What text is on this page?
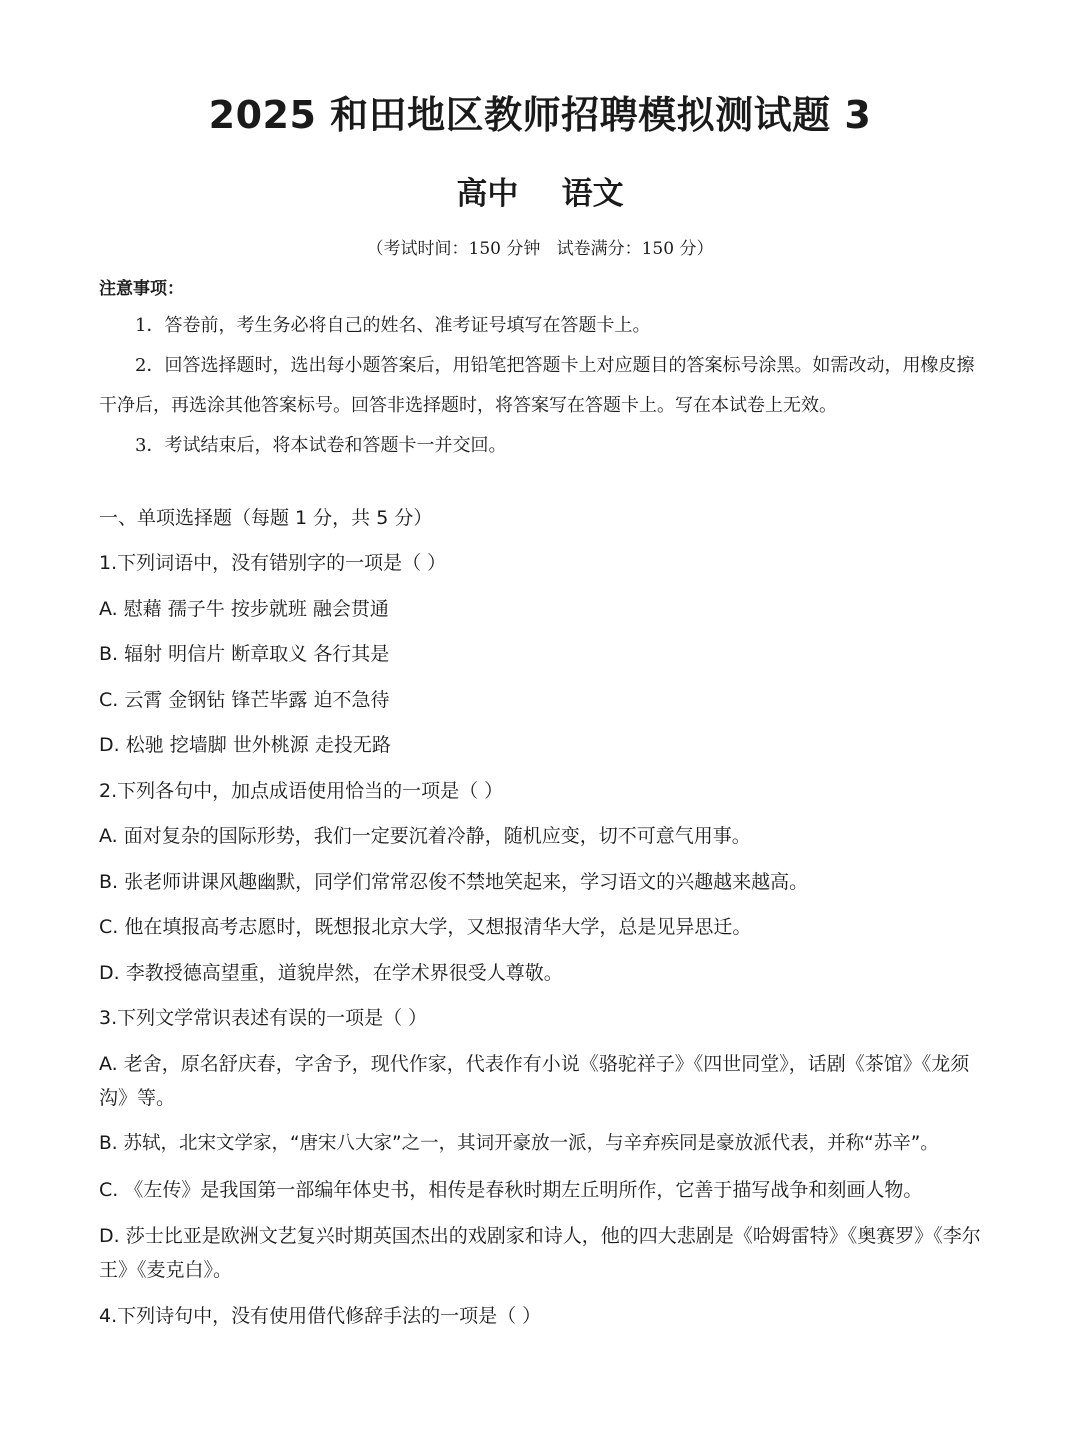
2025 和田地区教师招聘模拟测试题 3
高中    语文
（考试时间：150 分钟   试卷满分：150 分）
注意事项：

1．答卷前，考生务必将自己的姓名、准考证号填写在答题卡上。

2．回答选择题时，选出每小题答案后，用铅笔把答题卡上对应题目的答案标号涂黑。如需改动，用橡皮擦干净后，再选涂其他答案标号。回答非选择题时，将答案写在答题卡上。写在本试卷上无效。

3．考试结束后，将本试卷和答题卡一并交回。

一、单项选择题（每题 1 分，共 5 分）

1.下列词语中，没有错别字的一项是（ ）

A. 慰藉 孺子牛 按步就班 融会贯通

B. 辐射 明信片 断章取义 各行其是

C. 云霄 金钢钻 锋芒毕露 迫不急待

D. 松驰 挖墙脚 世外桃源 走投无路

2.下列各句中，加点成语使用恰当的一项是（ ）

A. 面对复杂的国际形势，我们一定要沉着冷静，随机应变，切不可意气用事。

B. 张老师讲课风趣幽默，同学们常常忍俊不禁地笑起来，学习语文的兴趣越来越高。

C. 他在填报高考志愿时，既想报北京大学，又想报清华大学，总是见异思迁。

D. 李教授德高望重，道貌岸然，在学术界很受人尊敬。

3.下列文学常识表述有误的一项是（ ）

A. 老舍，原名舒庆春，字舍予，现代作家，代表作有小说《骆驼祥子》《四世同堂》，话剧《茶馆》《龙须沟》等。

B. 苏轼，北宋文学家，“唐宋八大家”之一，其词开豪放一派，与辛弃疾同是豪放派代表，并称“苏辛”。

C. 《左传》是我国第一部编年体史书，相传是春秋时期左丘明所作，它善于描写战争和刻画人物。

D. 莎士比亚是欧洲文艺复兴时期英国杰出的戏剧家和诗人，他的四大悲剧是《哈姆雷特》《奥赛罗》《李尔王》《麦克白》。

4.下列诗句中，没有使用借代修辞手法的一项是（ ）
